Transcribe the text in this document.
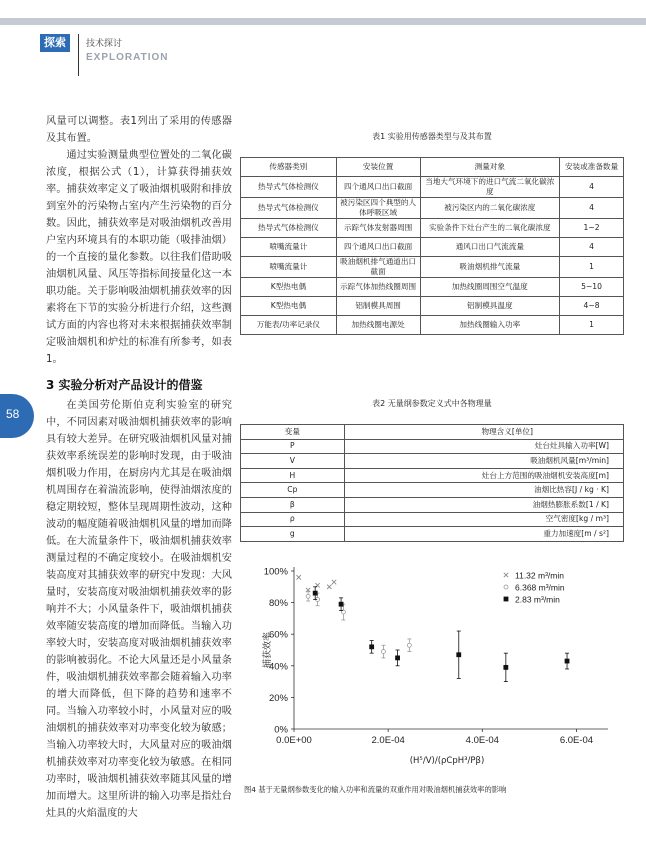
探索	技术探讨
EXPLORATION
58

风量可以调整。表1列出了采用的传感器及其布置。

通过实验测量典型位置处的二氧化碳浓度，根据公式（1），计算获得捕获效率。捕获效率定义了吸油烟机吸附和排放到室外的污染物占室内产生污染物的百分数。因此，捕获效率是对吸油烟机改善用户室内环境具有的本职功能（吸排油烟）的一个直接的量化参数。以往我们借助吸油烟机风量、风压等指标间接量化这一本职功能。关于影响吸油烟机捕获效率的因素将在下节的实验分析进行介绍，这些测试方面的内容也将对未来根据捕获效率制定吸油烟机和炉灶的标准有所参考，如表1。

3 实验分析对产品设计的借鉴

在美国劳伦斯伯克利实验室的研究中，不同因素对吸油烟机捕获效率的影响具有较大差异。在研究吸油烟机风量对捕获效率系统误差的影响时发现，由于吸油烟机吸力作用，在厨房内尤其是在吸油烟机周围存在着湍流影响，使得油烟浓度的稳定期较短，整体呈现周期性波动，这种波动的幅度随着吸油烟机风量的增加而降低。在大流量条件下，吸油烟机捕获效率测量过程的不确定度较小。在吸油烟机安装高度对其捕获效率的研究中发现：大风量时，安装高度对吸油烟机捕获效率的影响并不大；小风量条件下，吸油烟机捕获效率随安装高度的增加而降低。当输入功率较大时，安装高度对吸油烟机捕获效率的影响被弱化。不论大风量还是小风量条件，吸油烟机捕获效率都会随着输入功率的增大而降低，但下降的趋势和速率不同。当输入功率较小时，小风量对应的吸油烟机的捕获效率对功率变化较为敏感；当输入功率较大时，大风量对应的吸油烟机捕获效率对功率变化较为敏感。在相同功率时，吸油烟机捕获效率随其风量的增加而增大。这里所讲的输入功率是指灶台灶具的火焰温度的大

表1 实验用传感器类型与及其布置
传感器类别	安装位置	测量对象	安装或准备数量
热导式气体检测仪	四个通风口出口截面	当地大气环境下的进口气流二氧化碳浓度	4
热导式气体检测仪	被污染区四个典型的人体呼吸区域	被污染区内的二氧化碳浓度	4
热导式气体检测仪	示踪气体发射器周围	实验条件下灶台产生的二氧化碳浓度	1~2
喷嘴流量计	四个通风口出口截面	通风口出口气流流量	4
喷嘴流量计	吸油烟机排气通道出口截面	吸油烟机排气流量	1
K型热电偶	示踪气体加热线圈周围	加热线圈周围空气温度	5~10
K型热电偶	铝制模具周围	铝制模具温度	4~8
万能表/功率记录仪	加热线圈电源处	加热线圈输入功率	1
表2 无量纲参数定义式中各物理量
变量	物理含义[单位]
P	灶台灶具输入功率[W]
V	吸油烟机风量[m³/min]
H	灶台上方范围的吸油烟机安装高度[m]
Cp	油烟比热容[J / kg · K]
β	油烟热膨胀系数[1 / K]
ρ	空气密度[kg / m³]
g	重力加速度[m / s²]
100%
80%
60%
40%
20%
0%
0.0E+00	2.0E-04	4.0E-04	6.0E-04
捕获效率
(H⁵/V)/(ρCpH³/Pβ)
11.32 m³/min
6.368 m³/min
2.83 m³/min
图4 基于无量纲参数变化的输入功率和流量的双重作用对吸油烟机捕获效率的影响
